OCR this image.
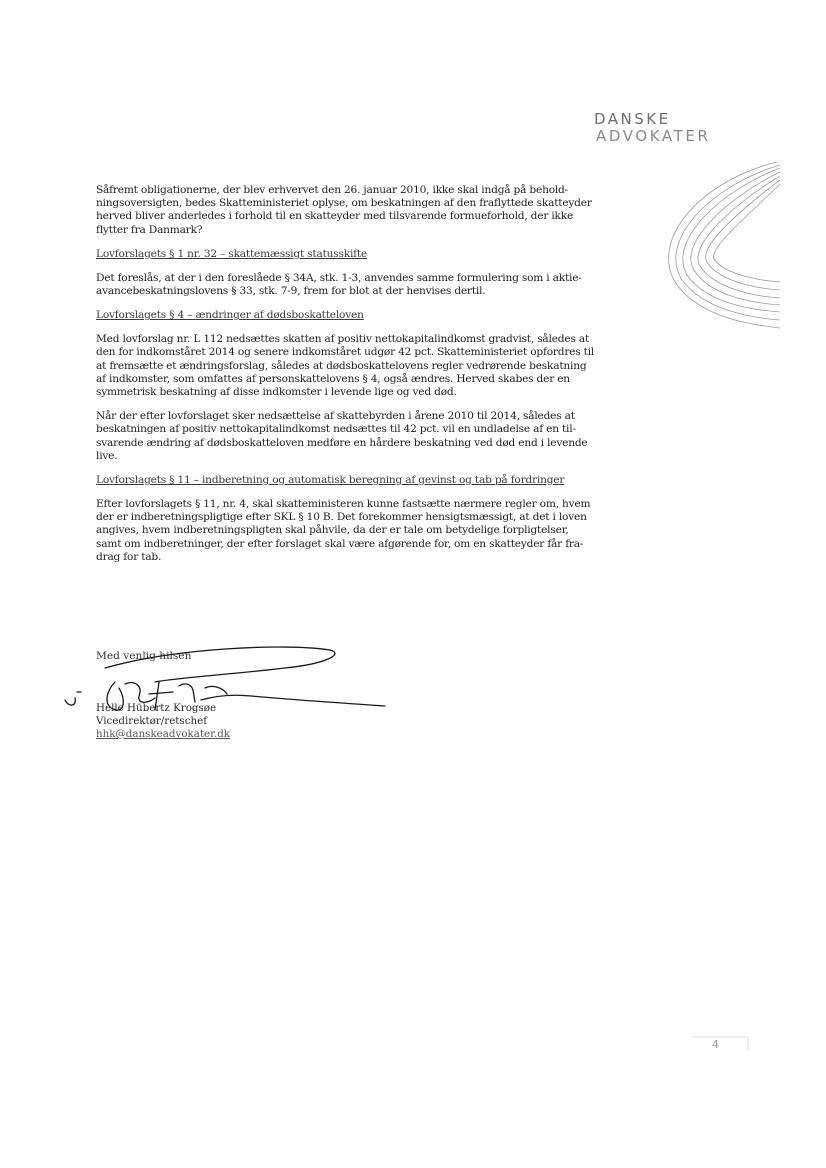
DANSKE

ADVOKATER

Såfremt obligationerne, der blev erhvervet den 26. januar 2010, ikke skal indgå på behold-
ningsoversigten, bedes Skatteministeriet oplyse, om beskatningen af den fraflyttede skatteyder
herved bliver anderledes i forhold til en skatteyder med tilsvarende formueforhold, der ikke
flytter fra Danmark?

Lovforslagets § 1 nr. 32 – skattemæssigt statusskifte

Det foreslås, at der i den foreslåede § 34A, stk. 1-3, anvendes samme formulering som i aktie-
avancebeskatningslovens § 33, stk. 7-9, frem for blot at der henvises dertil.

Lovforslagets § 4 – ændringer af dødsboskatteloven

Med lovforslag nr. L 112 nedsættes skatten af positiv nettokapitalindkomst gradvist, således at
den for indkomståret 2014 og senere indkomståret udgør 42 pct. Skatteministeriet opfordres til
at fremsætte et ændringsforslag, således at dødsboskattelovens regler vedrørende beskatning
af indkomster, som omfattes af personskattelovens § 4, også ændres. Herved skabes der en
symmetrisk beskatning af disse indkomster i levende lige og ved død.

Når der efter lovforslaget sker nedsættelse af skattebyrden i årene 2010 til 2014, således at
beskatningen af positiv nettokapitalindkomst nedsættes til 42 pct. vil en undladelse af en til-
svarende ændring af dødsboskatteloven medføre en hårdere beskatning ved død end i levende
live.

Lovforslagets § 11 – indberetning og automatisk beregning af gevinst og tab på fordringer

Efter lovforslagets § 11, nr. 4, skal skatteministeren kunne fastsætte nærmere regler om, hvem
der er indberetningspligtige efter SKL § 10 B. Det forekommer hensigtsmæssigt, at det i loven
angives, hvem indberetningspligten skal påhvile, da der er tale om betydelige forpligtelser,
samt om indberetninger, der efter forslaget skal være afgørende for, om en skatteyder får fra-
drag for tab.

Med venlig hilsen

Helle Hübertz Krogsøe

Vicedirektør/retschef

hhk@danskeadvokater.dk

4
